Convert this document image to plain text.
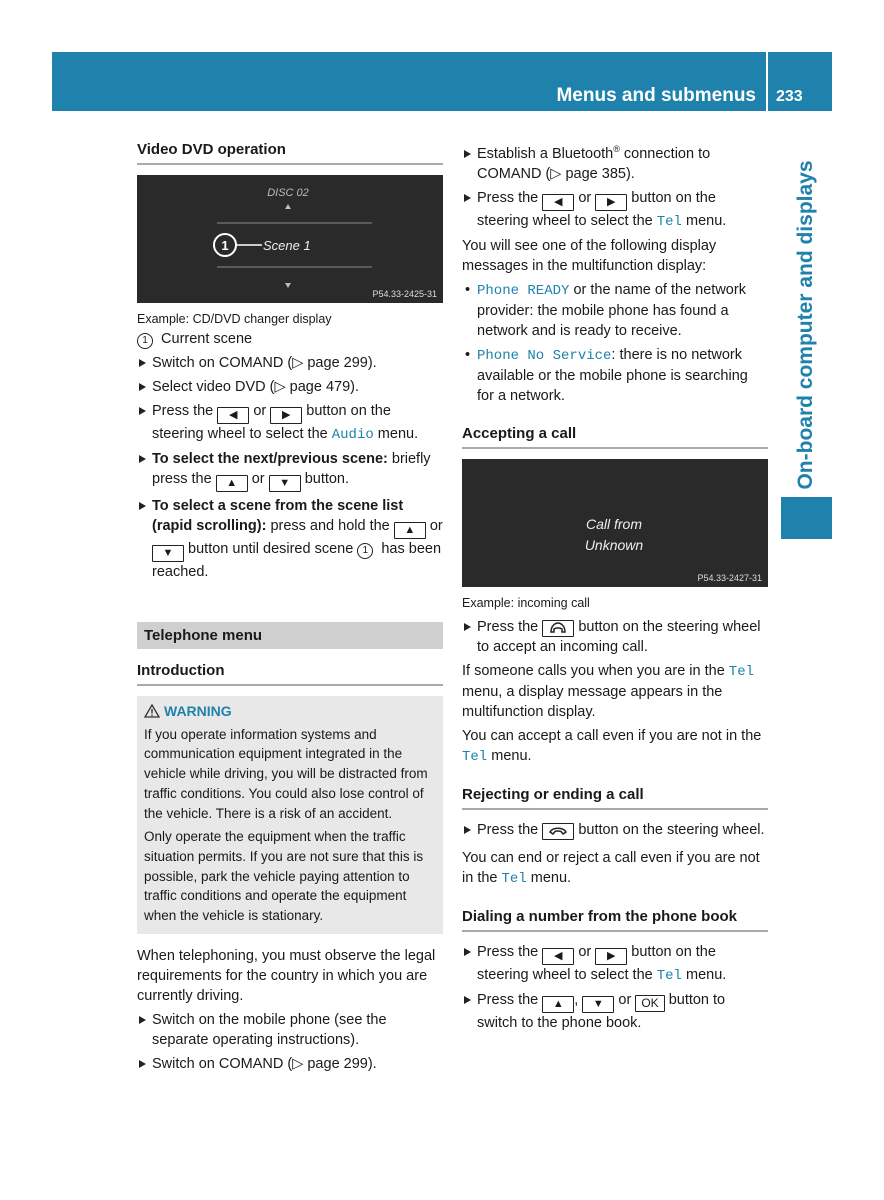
Menus and submenus 233
On-board computer and displays
Video DVD operation
DISC 02
1	Scene 1
P54.33-2425-31
Example: CD/DVD changer display
1 Current scene
Switch on COMAND (▷ page 299).
Select video DVD (▷ page 479).
Press the ◀ or ▶ button on the steering wheel to select the Audio menu.
To select the next/previous scene: briefly press the ▲ or ▼ button.
To select a scene from the scene list (rapid scrolling): press and hold the ▲ or ▼ button until desired scene 1 has been reached.
Telephone menu
Introduction
WARNING

If you operate information systems and communication equipment integrated in the vehicle while driving, you will be distracted from traffic conditions. You could also lose control of the vehicle. There is a risk of an accident.

Only operate the equipment when the traffic situation permits. If you are not sure that this is possible, park the vehicle paying attention to traffic conditions and operate the equipment when the vehicle is stationary.

When telephoning, you must observe the legal requirements for the country in which you are currently driving.
Switch on the mobile phone (see the separate operating instructions).
Switch on COMAND (▷ page 299).
Establish a Bluetooth® connection to COMAND (▷ page 385).
Press the ◀ or ▶ button on the steering wheel to select the Tel menu.
You will see one of the following display messages in the multifunction display:
• Phone READY or the name of the network provider: the mobile phone has found a network and is ready to receive.
• Phone No Service: there is no network available or the mobile phone is searching for a network.
Accepting a call
Call from
Unknown
P54.33-2427-31
Example: incoming call
Press the	button on the steering wheel to accept an incoming call.
If someone calls you when you are in the Tel menu, a display message appears in the multifunction display.
You can accept a call even if you are not in the Tel menu.
Rejecting or ending a call
Press the	button on the steering wheel.
You can end or reject a call even if you are not in the Tel menu.
Dialing a number from the phone book
Press the ◀ or ▶ button on the steering wheel to select the Tel menu.
Press the ▲ , ▼ or OK button to switch to the phone book.
